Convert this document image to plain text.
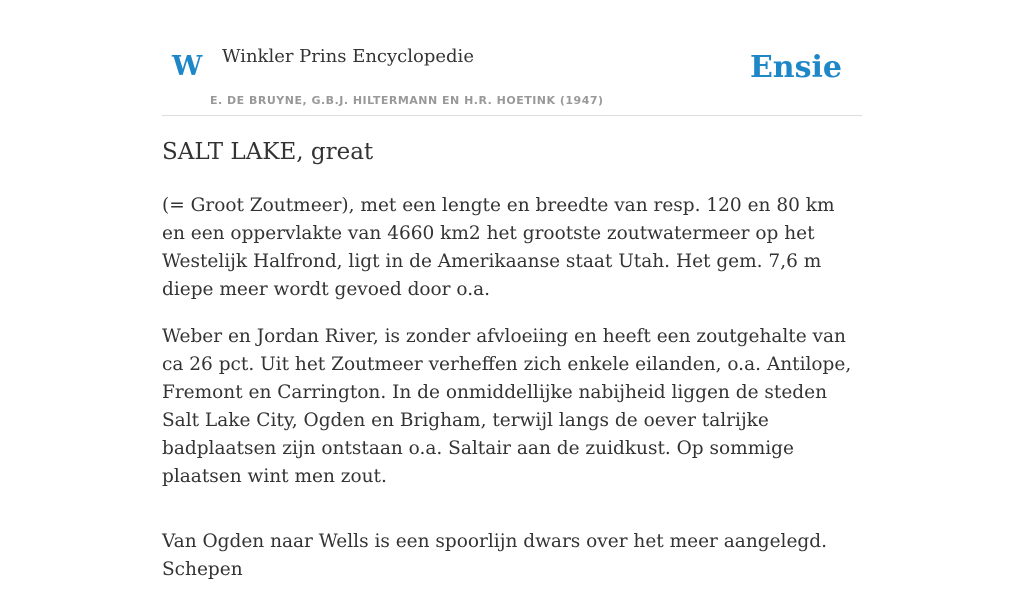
W Winkler Prins Encyclopedie
E. DE BRUYNE, G.B.J. HILTERMANN EN H.R. HOETINK (1947)
Ensie
SALT LAKE, great

(= Groot Zoutmeer), met een lengte en breedte van resp. 120 en 80 km en een oppervlakte van 4660 km2 het grootste zoutwatermeer op het Westelijk Halfrond, ligt in de Amerikaanse staat Utah. Het gem. 7,6 m diepe meer wordt gevoed door o.a.

Weber en Jordan River, is zonder afvloeiing en heeft een zoutgehalte van ca 26 pct. Uit het Zoutmeer verheffen zich enkele eilanden, o.a. Antilope, Fremont en Carrington. In de onmiddellijke nabijheid liggen de steden Salt Lake City, Ogden en Brigham, terwijl langs de oever talrijke badplaatsen zijn ontstaan o.a. Saltair aan de zuidkust. Op sommige plaatsen wint men zout.

Van Ogden naar Wells is een spoorlijn dwars over het meer aangelegd. Schepen
